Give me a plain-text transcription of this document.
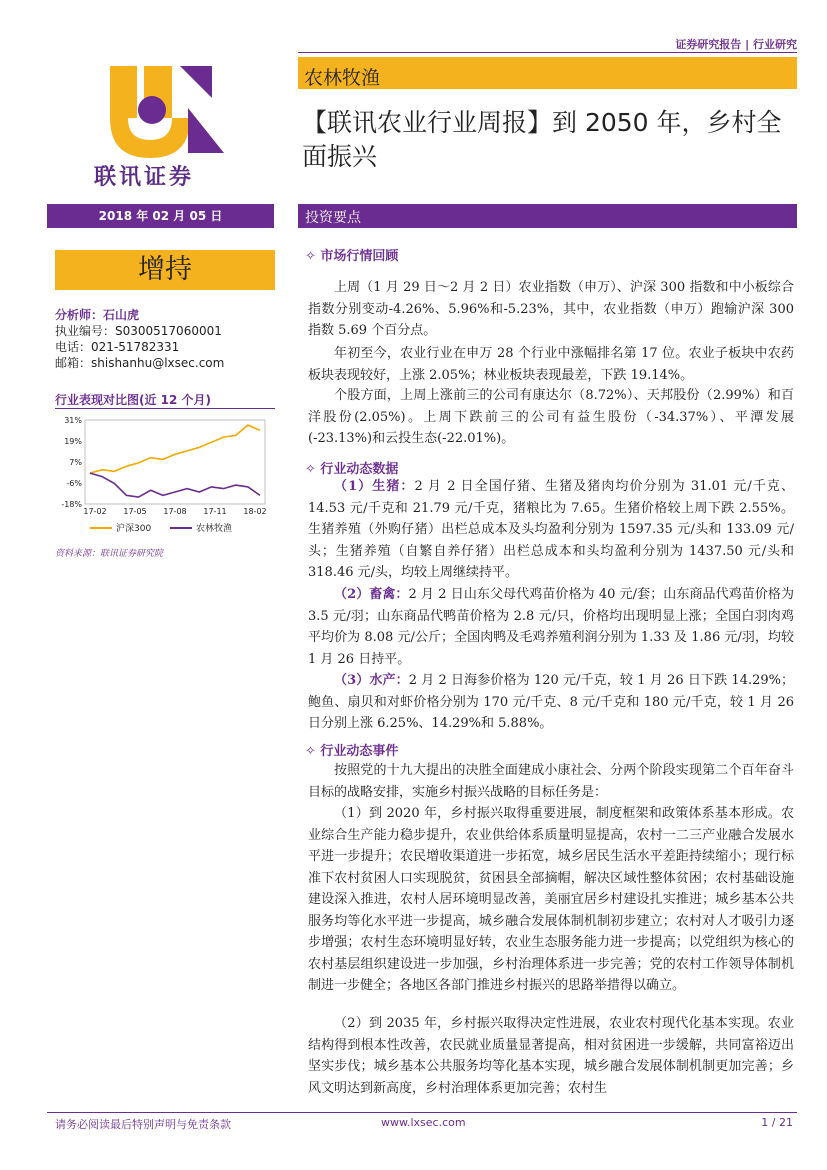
证券研究报告 | 行业研究
联讯证券
农林牧渔
【联讯农业行业周报】到 2050 年，乡村全面振兴
2018 年 02 月 05 日
增持
分析师：石山虎
执业编号：S0300517060001
电话：021-51782331
邮箱：shishanhu@lxsec.com
行业表现对比图(近 12 个月)
31%
19%
7%
-6%
-18%
17-02 17-05 17-08 17-11 18-02
沪深300	农林牧渔
资料来源：联讯证券研究院
投资要点
✧ 市场行情回顾
上周（1 月 29 日～2 月 2 日）农业指数（申万）、沪深 300 指数和中小板综合指数分别变动-4.26%、5.96%和-5.23%，其中，农业指数（申万）跑输沪深 300 指数 5.69 个百分点。
年初至今，农业行业在申万 28 个行业中涨幅排名第 17 位。农业子板块中农药板块表现较好，上涨 2.05%；林业板块表现最差，下跌 19.14%。
个股方面，上周上涨前三的公司有康达尔（8.72%）、天邦股份（2.99%）和百洋股份(2.05%)。上周下跌前三的公司有益生股份（-34.37%）、平潭发展(-23.13%)和云投生态(-22.01%)。
✧ 行业动态数据
（1）生猪：2 月 2 日全国仔猪、生猪及猪肉均价分别为 31.01 元/千克、14.53 元/千克和 21.79 元/千克，猪粮比为 7.65。生猪价格较上周下跌 2.55%。生猪养殖（外购仔猪）出栏总成本及头均盈利分别为 1597.35 元/头和 133.09 元/头；生猪养殖（自繁自养仔猪）出栏总成本和头均盈利分别为 1437.50 元/头和 318.46 元/头，均较上周继续持平。
（2）畜禽：2 月 2 日山东父母代鸡苗价格为 40 元/套；山东商品代鸡苗价格为 3.5 元/羽；山东商品代鸭苗价格为 2.8 元/只，价格均出现明显上涨；全国白羽肉鸡平均价为 8.08 元/公斤；全国肉鸭及毛鸡养殖利润分别为 1.33 及 1.86 元/羽，均较 1 月 26 日持平。
（3）水产：2 月 2 日海参价格为 120 元/千克，较 1 月 26 日下跌 14.29%；鲍鱼、扇贝和对虾价格分别为 170 元/千克、8 元/千克和 180 元/千克，较 1 月 26 日分别上涨 6.25%、14.29%和 5.88%。
✧ 行业动态事件
按照党的十九大提出的决胜全面建成小康社会、分两个阶段实现第二个百年奋斗目标的战略安排，实施乡村振兴战略的目标任务是：
（1）到 2020 年，乡村振兴取得重要进展，制度框架和政策体系基本形成。农业综合生产能力稳步提升，农业供给体系质量明显提高，农村一二三产业融合发展水平进一步提升；农民增收渠道进一步拓宽，城乡居民生活水平差距持续缩小；现行标准下农村贫困人口实现脱贫，贫困县全部摘帽，解决区域性整体贫困；农村基础设施建设深入推进，农村人居环境明显改善，美丽宜居乡村建设扎实推进；城乡基本公共服务均等化水平进一步提高，城乡融合发展体制机制初步建立；农村对人才吸引力逐步增强；农村生态环境明显好转，农业生态服务能力进一步提高；以党组织为核心的农村基层组织建设进一步加强，乡村治理体系进一步完善；党的农村工作领导体制机制进一步健全；各地区各部门推进乡村振兴的思路举措得以确立。
（2）到 2035 年，乡村振兴取得决定性进展，农业农村现代化基本实现。农业结构得到根本性改善，农民就业质量显著提高，相对贫困进一步缓解，共同富裕迈出坚实步伐；城乡基本公共服务均等化基本实现，城乡融合发展体制机制更加完善；乡风文明达到新高度，乡村治理体系更加完善；农村生
请务必阅读最后特别声明与免责条款	www.lxsec.com	1 / 21
